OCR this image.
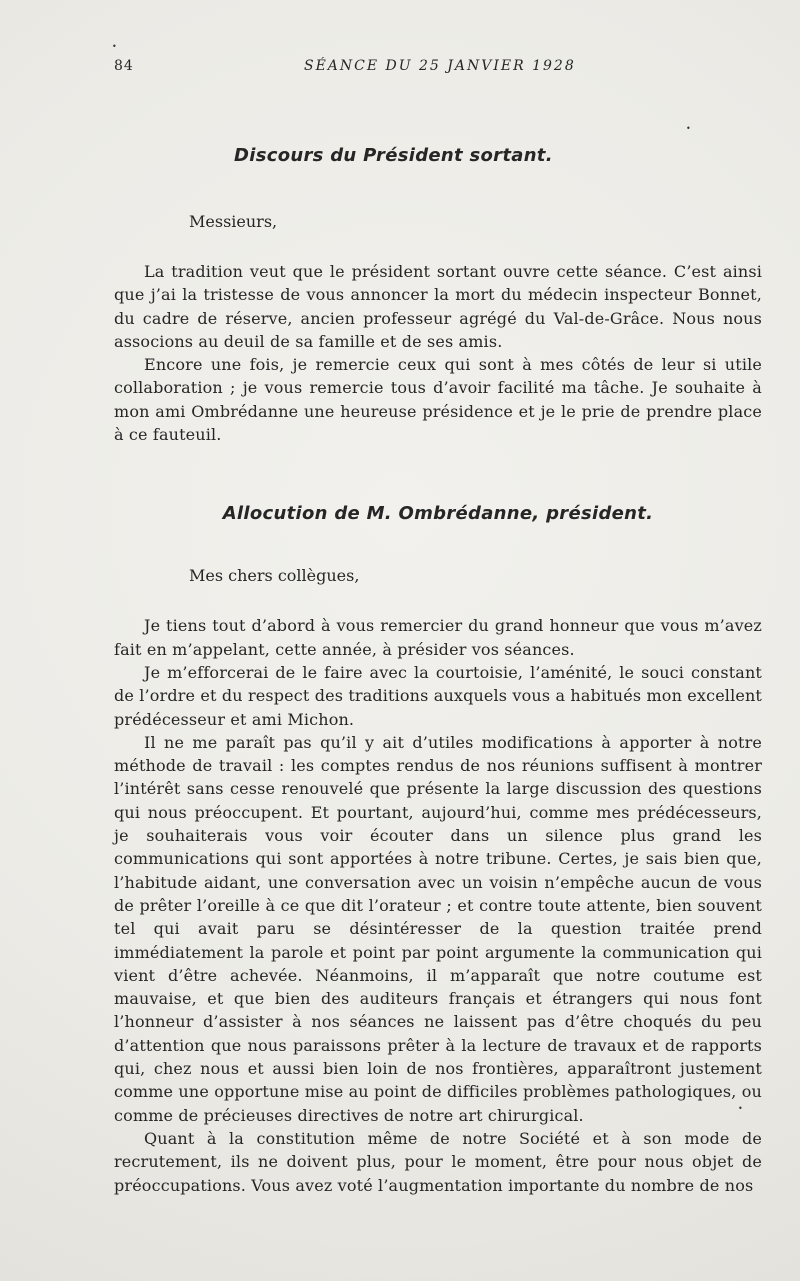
84	SÉANCE DU 25 JANVIER 1928
•
•
•
Discours du Président sortant.
Messieurs,

La tradition veut que le président sortant ouvre cette séance. C’est ainsi que j’ai la tristesse de vous annoncer la mort du médecin inspecteur Bonnet, du cadre de réserve, ancien professeur agrégé du Val-de-Grâce. Nous nous associons au deuil de sa famille et de ses amis.

Encore une fois, je remercie ceux qui sont à mes côtés de leur si utile collaboration ; je vous remercie tous d’avoir facilité ma tâche. Je souhaite à mon ami Ombrédanne une heureuse présidence et je le prie de prendre place à ce fauteuil.

Allocution de M. Ombrédanne, président.
Mes chers collègues,

Je tiens tout d’abord à vous remercier du grand honneur que vous m’avez fait en m’appelant, cette année, à présider vos séances.

Je m’efforcerai de le faire avec la courtoisie, l’aménité, le souci constant de l’ordre et du respect des traditions auxquels vous a habitués mon excellent prédécesseur et ami Michon.

Il ne me paraît pas qu’il y ait d’utiles modifications à apporter à notre méthode de travail : les comptes rendus de nos réunions suffisent à montrer l’intérêt sans cesse renouvelé que présente la large discussion des questions qui nous préoccupent. Et pourtant, aujourd’hui, comme mes prédécesseurs, je souhaiterais vous voir écouter dans un silence plus grand les communications qui sont apportées à notre tribune. Certes, je sais bien que, l’habitude aidant, une conversation avec un voisin n’empêche aucun de vous de prêter l’oreille à ce que dit l’orateur ; et contre toute attente, bien souvent tel qui avait paru se désintéresser de la question traitée prend immédiatement la parole et point par point argumente la communication qui vient d’être achevée. Néanmoins, il m’apparaît que notre coutume est mauvaise, et que bien des auditeurs français et étrangers qui nous font l’honneur d’assister à nos séances ne laissent pas d’être choqués du peu d’attention que nous paraissons prêter à la lecture de travaux et de rapports qui, chez nous et aussi bien loin de nos frontières, apparaîtront justement comme une opportune mise au point de difficiles problèmes pathologiques, ou comme de précieuses directives de notre art chirurgical.

Quant à la constitution même de notre Société et à son mode de recrutement, ils ne doivent plus, pour le moment, être pour nous objet de préoccupations. Vous avez voté l’augmentation importante du nombre de nos
